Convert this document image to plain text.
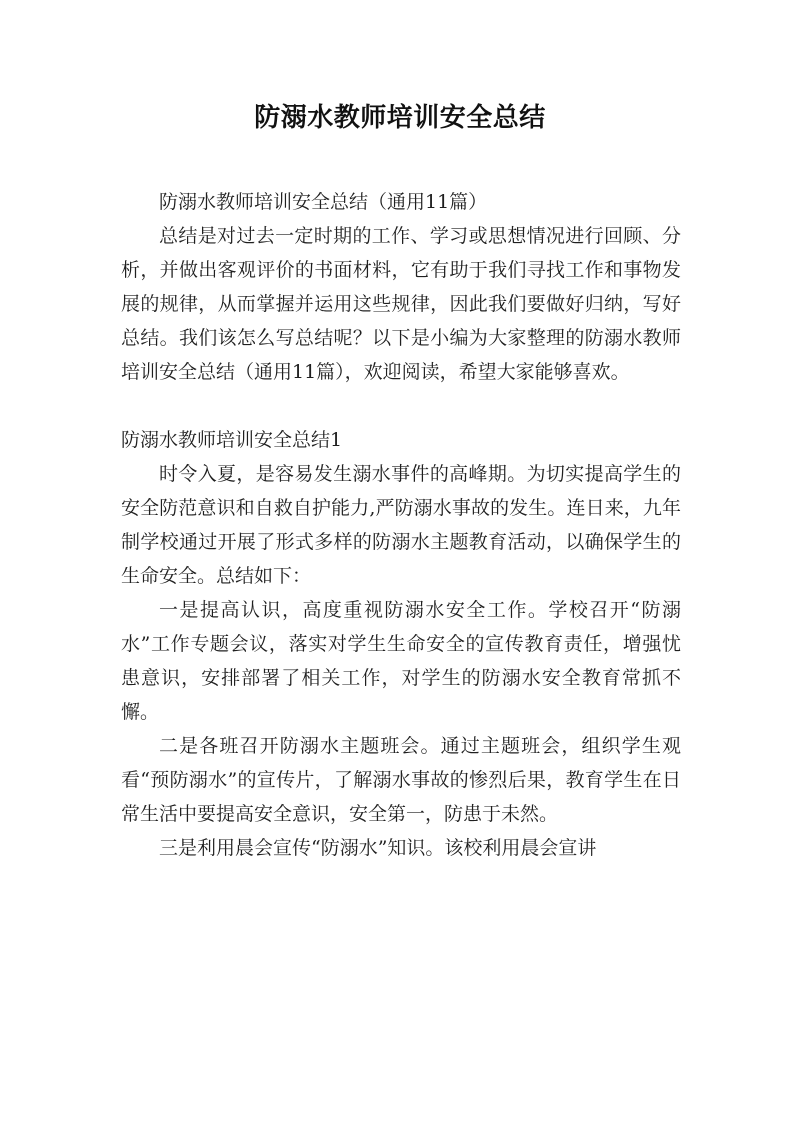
防溺水教师培训安全总结

防溺水教师培训安全总结（通用11篇）

总结是对过去一定时期的工作、学习或思想情况进行回顾、分析，并做出客观评价的书面材料，它有助于我们寻找工作和事物发展的规律，从而掌握并运用这些规律，因此我们要做好归纳，写好总结。我们该怎么写总结呢？以下是小编为大家整理的防溺水教师培训安全总结（通用11篇），欢迎阅读，希望大家能够喜欢。

防溺水教师培训安全总结1

时令入夏，是容易发生溺水事件的高峰期。为切实提高学生的安全防范意识和自救自护能力,严防溺水事故的发生。连日来，九年制学校通过开展了形式多样的防溺水主题教育活动，以确保学生的生命安全。总结如下：

一是提高认识，高度重视防溺水安全工作。学校召开“防溺水”工作专题会议，落实对学生生命安全的宣传教育责任，增强忧患意识，安排部署了相关工作，对学生的防溺水安全教育常抓不懈。

二是各班召开防溺水主题班会。通过主题班会，组织学生观看“预防溺水”的宣传片，了解溺水事故的惨烈后果，教育学生在日常生活中要提高安全意识，安全第一，防患于未然。

三是利用晨会宣传“防溺水”知识。该校利用晨会宣讲
